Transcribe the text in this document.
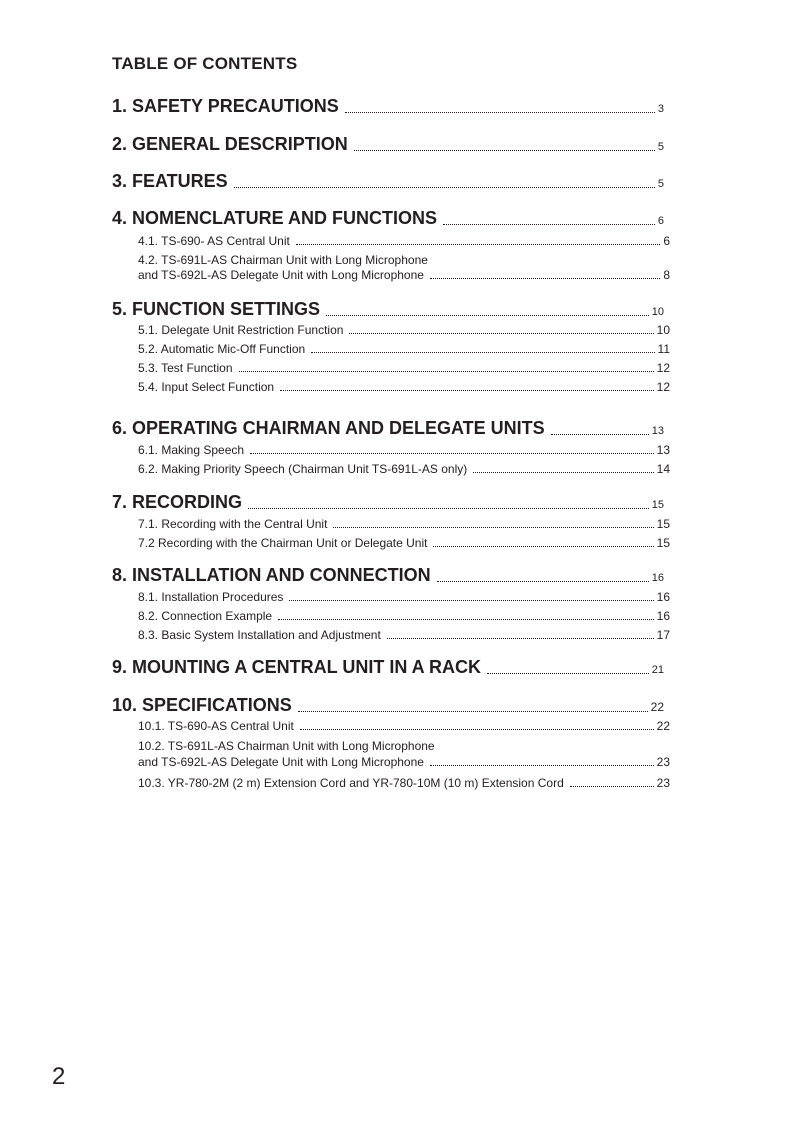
TABLE OF CONTENTS
1. SAFETY PRECAUTIONS	3
2. GENERAL DESCRIPTION	5
3. FEATURES	5
4. NOMENCLATURE AND FUNCTIONS	6
4.1. TS-690- AS Central Unit	6
4.2. TS-691L-AS Chairman Unit with Long Microphone
and TS-692L-AS Delegate Unit with Long Microphone	8
5. FUNCTION SETTINGS	10
5.1. Delegate Unit Restriction Function	10
5.2. Automatic Mic-Off Function	11
5.3. Test Function	12
5.4. Input Select Function	12
6. OPERATING CHAIRMAN AND DELEGATE UNITS	13
6.1. Making Speech	13
6.2. Making Priority Speech (Chairman Unit TS-691L-AS only)	14
7. RECORDING	15
7.1. Recording with the Central Unit	15
7.2 Recording with the Chairman Unit or Delegate Unit	15
8. INSTALLATION AND CONNECTION	16
8.1. Installation Procedures	16
8.2. Connection Example	16
8.3. Basic System Installation and Adjustment	17
9. MOUNTING A CENTRAL UNIT IN A RACK	21
10. SPECIFICATIONS	22
10.1. TS-690-AS Central Unit	22
10.2. TS-691L-AS Chairman Unit with Long Microphone
and TS-692L-AS Delegate Unit with Long Microphone	23
10.3. YR-780-2M (2 m) Extension Cord and YR-780-10M (10 m) Extension Cord	23
2
